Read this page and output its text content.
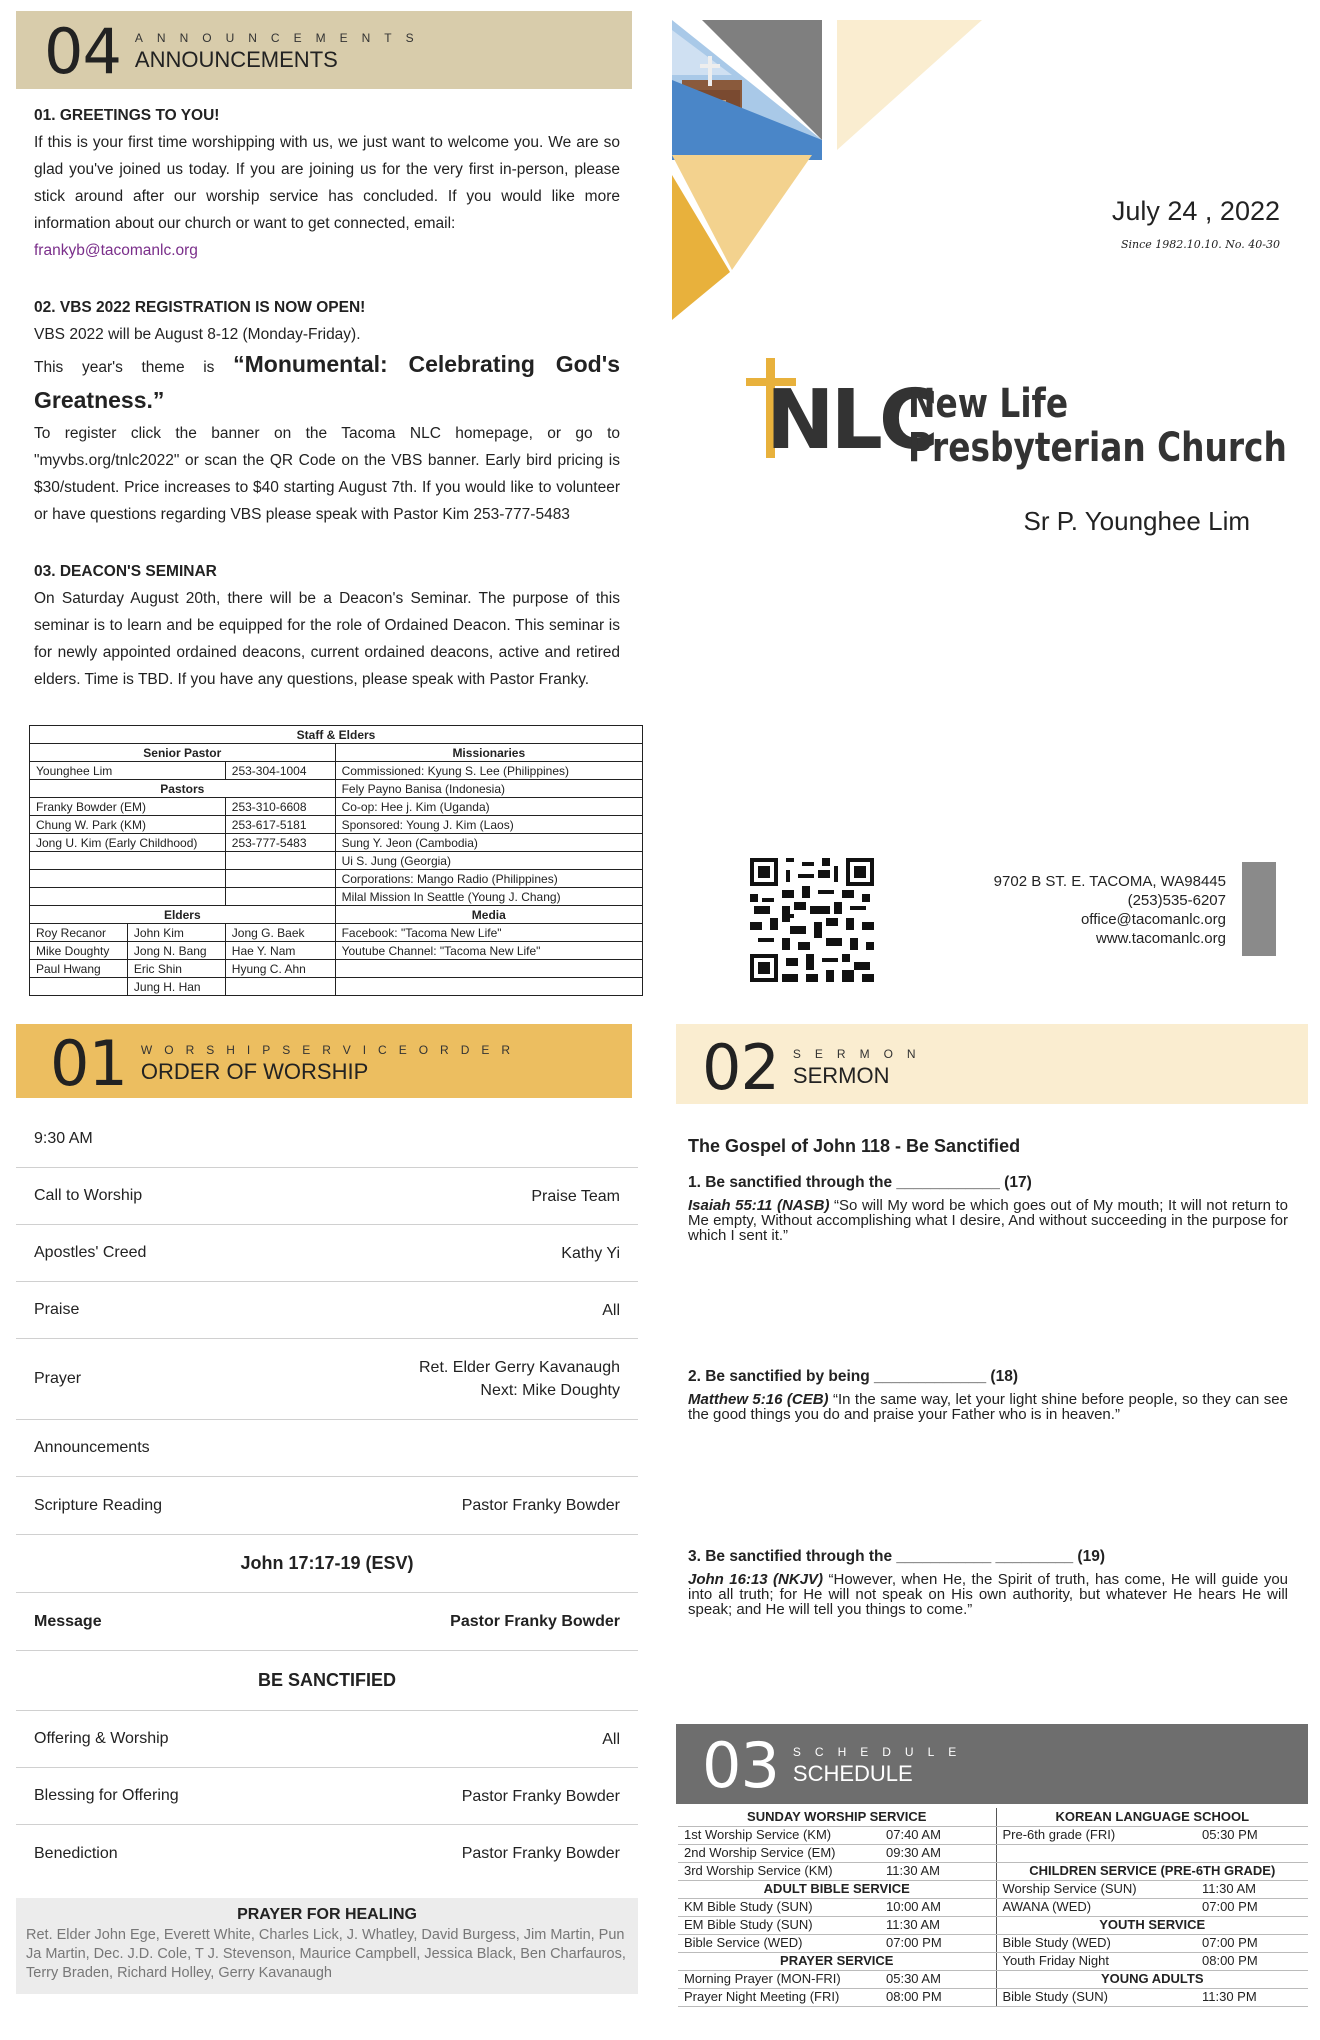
04 ANNOUNCEMENTS
ANNOUNCEMENTS
01. GREETINGS TO YOU!

If this is your first time worshipping with us, we just want to welcome you. We are so glad you've joined us today. If you are joining us for the very first in-person, please stick around after our worship service has concluded. If you would like more information about our church or want to get connected, email:

frankyb@tacomanlc.org

02. VBS 2022 REGISTRATION IS NOW OPEN!

VBS 2022 will be August 8-12 (Monday-Friday).

This year's theme is “Monumental: Celebrating God's Greatness.”

To register click the banner on the Tacoma NLC homepage, or go to "myvbs.org/tnlc2022" or scan the QR Code on the VBS banner. Early bird pricing is $30/student. Price increases to $40 starting August 7th. If you would like to volunteer or have questions regarding VBS please speak with Pastor Kim 253-777-5483

03. DEACON'S SEMINAR

On Saturday August 20th, there will be a Deacon's Seminar. The purpose of this seminar is to learn and be equipped for the role of Ordained Deacon. This seminar is for newly appointed ordained deacons, current ordained deacons, active and retired elders. Time is TBD. If you have any questions, please speak with Pastor Franky.

Staff & Elders			
Senior Pastor			Missionaries
Younghee Lim		253-304-1004	Commissioned: Kyung S. Lee (Philippines)
Pastors			Fely Payno Banisa (Indonesia)
Franky Bowder (EM)		253-310-6608	Co-op: Hee j. Kim (Uganda)
Chung W. Park (KM)		253-617-5181	Sponsored: Young J. Kim (Laos)
Jong U. Kim (Early Childhood)		253-777-5483	Sung Y. Jeon (Cambodia)
			Ui S. Jung (Georgia)
			Corporations: Mango Radio (Philippines)
			Milal Mission In Seattle (Young J. Chang)
Elders			Media
Roy Recanor	John Kim	Jong G. Baek	Facebook: "Tacoma New Life"
Mike Doughty	Jong N. Bang	Hae Y. Nam	Youtube Channel: "Tacoma New Life"
Paul Hwang	Eric Shin	Hyung C. Ahn	
	Jung H. Han		
July 24 , 2022
Since 1982.10.10. No. 40-30
NLC
New Life
Presbyterian Church
Sr P. Younghee Lim
9702 B ST. E. TACOMA, WA98445
(253)535-6207
office@tacomanlc.org
www.tacomanlc.org
01 WORSHIPSERVICEORDER
ORDER OF WORSHIP
9:30 AM
Call to Worship	Praise Team
Apostles' Creed	Kathy Yi
Praise	All
Prayer
Ret. Elder Gerry Kavanaugh
Next: Mike Doughty
Announcements
Scripture Reading	Pastor Franky Bowder
John 17:17-19 (ESV)
Message	Pastor Franky Bowder
BE SANCTIFIED
Offering & Worship	All
Blessing for Offering	Pastor Franky Bowder
Benediction	Pastor Franky Bowder
PRAYER FOR HEALING
Ret. Elder John Ege, Everett White, Charles Lick, J. Whatley, David Burgess, Jim Martin, Pun Ja Martin, Dec. J.D. Cole, T J. Stevenson, Maurice Campbell, Jessica Black, Ben Charfauros, Terry Braden, Richard Holley, Gerry Kavanaugh
02 SERMON
SERMON
The Gospel of John 118 - Be Sanctified
1. Be sanctified through the ____________ (17)
Isaiah 55:11 (NASB) “So will My word be which goes out of My mouth; It will not return to Me empty, Without accomplishing what I desire, And without succeeding in the purpose for which I sent it.”
2. Be sanctified by being _____________ (18)
Matthew 5:16 (CEB) “In the same way, let your light shine before people, so they can see the good things you do and praise your Father who is in heaven.”
3. Be sanctified through the ___________ _________ (19)
John 16:13 (NKJV) “However, when He, the Spirit of truth, has come, He will guide you into all truth; for He will not speak on His own authority, but whatever He hears He will speak; and He will tell you things to come.”
03 SCHEDULE
SCHEDULE
SUNDAY WORSHIP SERVICE		KOREAN LANGUAGE SCHOOL	
1st Worship Service (KM)	07:40 AM	Pre-6th grade (FRI)	05:30 PM
2nd Worship Service (EM)	09:30 AM		
3rd Worship Service (KM)	11:30 AM	CHILDREN SERVICE (PRE-6TH GRADE)	
ADULT BIBLE SERVICE		Worship Service (SUN)	11:30 AM
KM Bible Study (SUN)	10:00 AM	AWANA (WED)	07:00 PM
EM Bible Study (SUN)	11:30 AM	YOUTH SERVICE	
Bible Service (WED)	07:00 PM	Bible Study (WED)	07:00 PM
PRAYER SERVICE		Youth Friday Night	08:00 PM
Morning Prayer (MON-FRI)	05:30 AM	YOUNG ADULTS	
Prayer Night Meeting (FRI)	08:00 PM	Bible Study (SUN)	11:30 PM
